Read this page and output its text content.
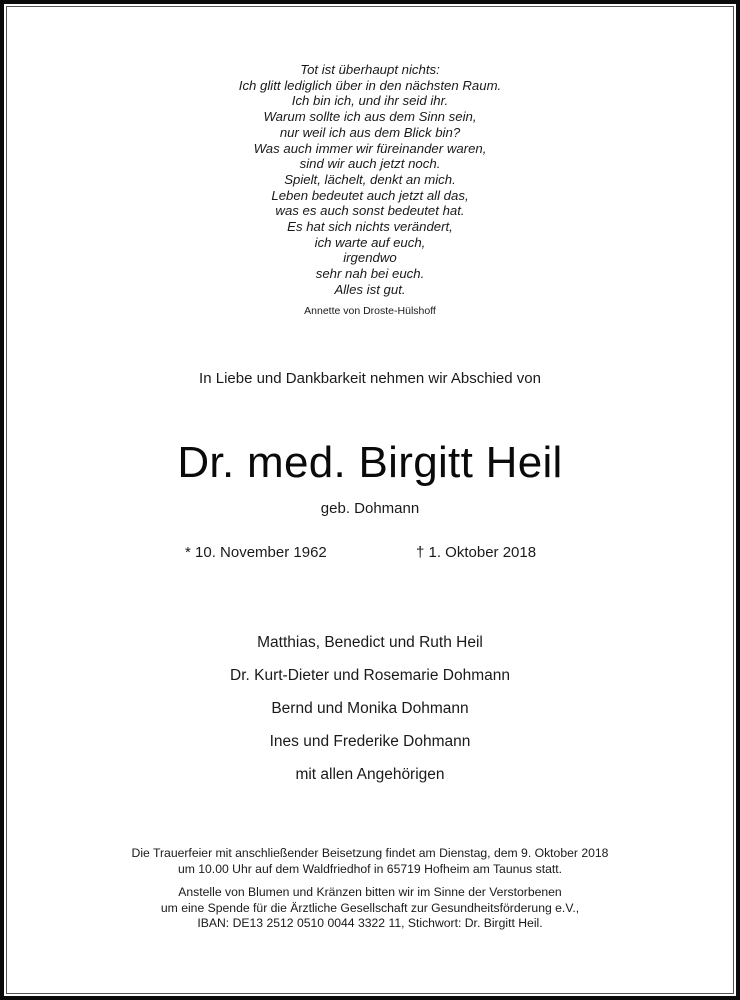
Tot ist überhaupt nichts:
Ich glitt lediglich über in den nächsten Raum.
Ich bin ich, und ihr seid ihr.
Warum sollte ich aus dem Sinn sein,
nur weil ich aus dem Blick bin?
Was auch immer wir füreinander waren,
sind wir auch jetzt noch.
Spielt, lächelt, denkt an mich.
Leben bedeutet auch jetzt all das,
was es auch sonst bedeutet hat.
Es hat sich nichts verändert,
ich warte auf euch,
irgendwo
sehr nah bei euch.
Alles ist gut.
Annette von Droste-Hülshoff
In Liebe und Dankbarkeit nehmen wir Abschied von
Dr. med. Birgitt Heil
geb. Dohmann
* 10. November 1962	† 1. Oktober 2018
Matthias, Benedict und Ruth Heil
Dr. Kurt-Dieter und Rosemarie Dohmann
Bernd und Monika Dohmann
Ines und Frederike Dohmann
mit allen Angehörigen
Die Trauerfeier mit anschließender Beisetzung findet am Dienstag, dem 9. Oktober 2018
um 10.00 Uhr auf dem Waldfriedhof in 65719 Hofheim am Taunus statt.
Anstelle von Blumen und Kränzen bitten wir im Sinne der Verstorbenen
um eine Spende für die Ärztliche Gesellschaft zur Gesundheitsförderung e.V.,
IBAN: DE13 2512 0510 0044 3322 11, Stichwort: Dr. Birgitt Heil.
